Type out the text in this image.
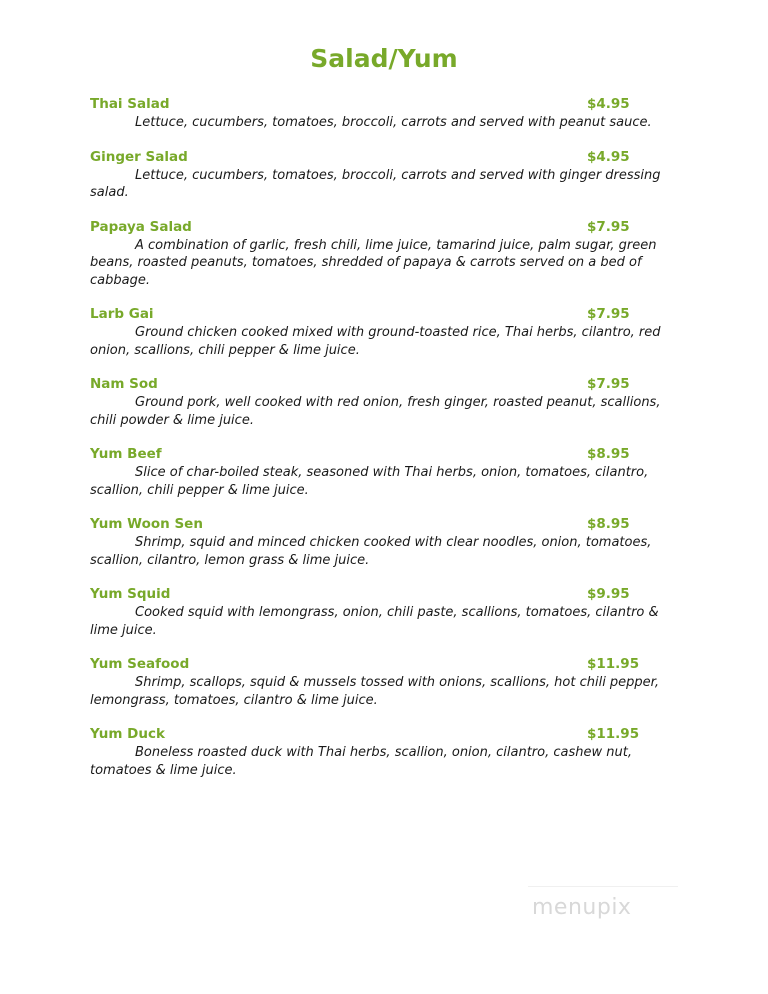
Salad/Yum
Thai Salad	$4.95

Lettuce, cucumbers, tomatoes, broccoli, carrots and served with peanut sauce.

Ginger Salad	$4.95

Lettuce, cucumbers, tomatoes, broccoli, carrots and served with ginger dressing salad.

Papaya Salad	$7.95

A combination of garlic, fresh chili, lime juice, tamarind juice, palm sugar, green beans, roasted peanuts, tomatoes, shredded of papaya & carrots served on a bed of cabbage.

Larb Gai	$7.95

Ground chicken cooked mixed with ground-toasted rice, Thai herbs, cilantro, red onion, scallions, chili pepper & lime juice.

Nam Sod	$7.95

Ground pork, well cooked with red onion, fresh ginger, roasted peanut, scallions, chili powder & lime juice.

Yum Beef	$8.95

Slice of char-boiled steak, seasoned with Thai herbs, onion, tomatoes, cilantro, scallion, chili pepper & lime juice.

Yum Woon Sen	$8.95

Shrimp, squid and minced chicken cooked with clear noodles, onion, tomatoes, scallion, cilantro, lemon grass & lime juice.

Yum Squid	$9.95

Cooked squid with lemongrass, onion, chili paste, scallions, tomatoes, cilantro & lime juice.

Yum Seafood	$11.95

Shrimp, scallops, squid & mussels tossed with onions, scallions, hot chili pepper, lemongrass, tomatoes, cilantro & lime juice.

Yum Duck	$11.95

Boneless roasted duck with Thai herbs, scallion, onion, cilantro, cashew nut, tomatoes & lime juice.

menupix
